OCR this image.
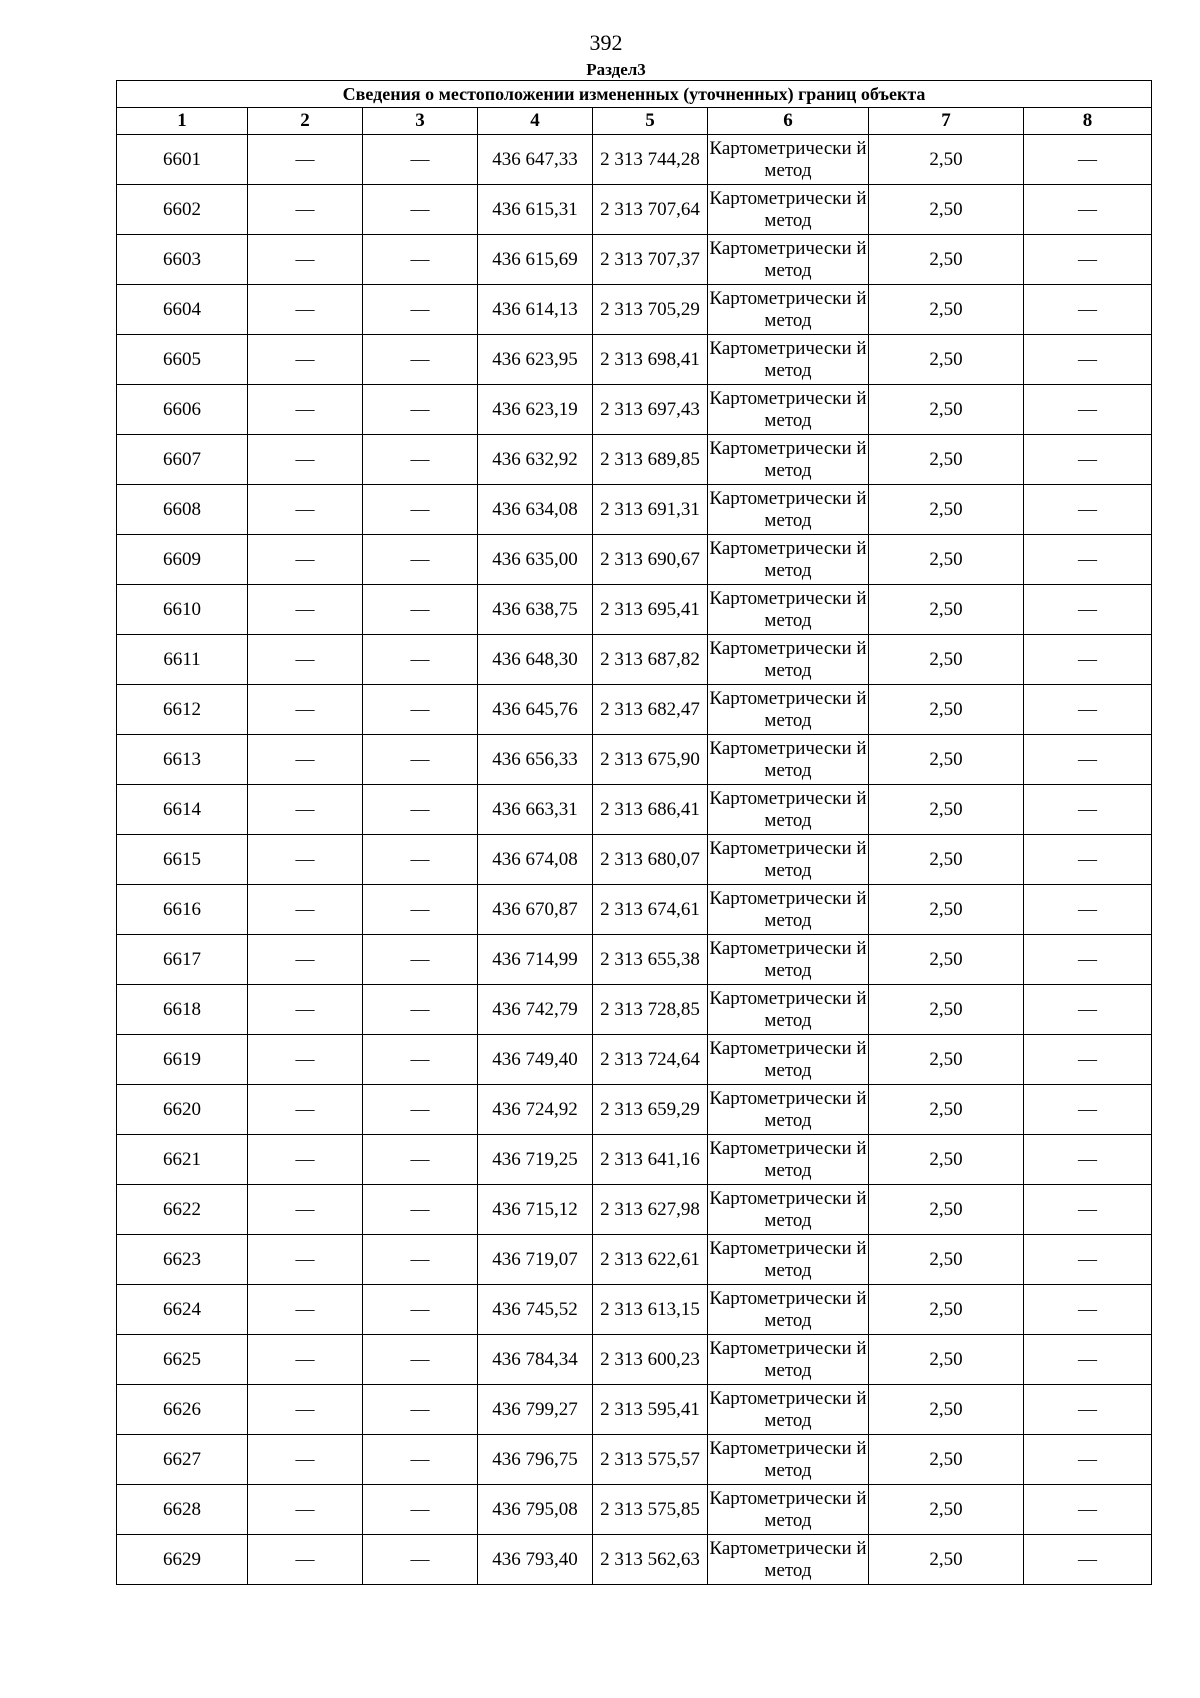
392
Раздел3
Сведения о местоположении измененных (уточненных) границ объекта							
1	2	3	4	5	6	7	8
6601	—	—	436 647,33	2 313 744,28	Картометрически й метод	2,50	—
6602	—	—	436 615,31	2 313 707,64	Картометрически й метод	2,50	—
6603	—	—	436 615,69	2 313 707,37	Картометрически й метод	2,50	—
6604	—	—	436 614,13	2 313 705,29	Картометрически й метод	2,50	—
6605	—	—	436 623,95	2 313 698,41	Картометрически й метод	2,50	—
6606	—	—	436 623,19	2 313 697,43	Картометрически й метод	2,50	—
6607	—	—	436 632,92	2 313 689,85	Картометрически й метод	2,50	—
6608	—	—	436 634,08	2 313 691,31	Картометрически й метод	2,50	—
6609	—	—	436 635,00	2 313 690,67	Картометрически й метод	2,50	—
6610	—	—	436 638,75	2 313 695,41	Картометрически й метод	2,50	—
6611	—	—	436 648,30	2 313 687,82	Картометрически й метод	2,50	—
6612	—	—	436 645,76	2 313 682,47	Картометрически й метод	2,50	—
6613	—	—	436 656,33	2 313 675,90	Картометрически й метод	2,50	—
6614	—	—	436 663,31	2 313 686,41	Картометрически й метод	2,50	—
6615	—	—	436 674,08	2 313 680,07	Картометрически й метод	2,50	—
6616	—	—	436 670,87	2 313 674,61	Картометрически й метод	2,50	—
6617	—	—	436 714,99	2 313 655,38	Картометрически й метод	2,50	—
6618	—	—	436 742,79	2 313 728,85	Картометрически й метод	2,50	—
6619	—	—	436 749,40	2 313 724,64	Картометрически й метод	2,50	—
6620	—	—	436 724,92	2 313 659,29	Картометрически й метод	2,50	—
6621	—	—	436 719,25	2 313 641,16	Картометрически й метод	2,50	—
6622	—	—	436 715,12	2 313 627,98	Картометрически й метод	2,50	—
6623	—	—	436 719,07	2 313 622,61	Картометрически й метод	2,50	—
6624	—	—	436 745,52	2 313 613,15	Картометрически й метод	2,50	—
6625	—	—	436 784,34	2 313 600,23	Картометрически й метод	2,50	—
6626	—	—	436 799,27	2 313 595,41	Картометрически й метод	2,50	—
6627	—	—	436 796,75	2 313 575,57	Картометрически й метод	2,50	—
6628	—	—	436 795,08	2 313 575,85	Картометрически й метод	2,50	—
6629	—	—	436 793,40	2 313 562,63	Картометрически й метод	2,50	—
